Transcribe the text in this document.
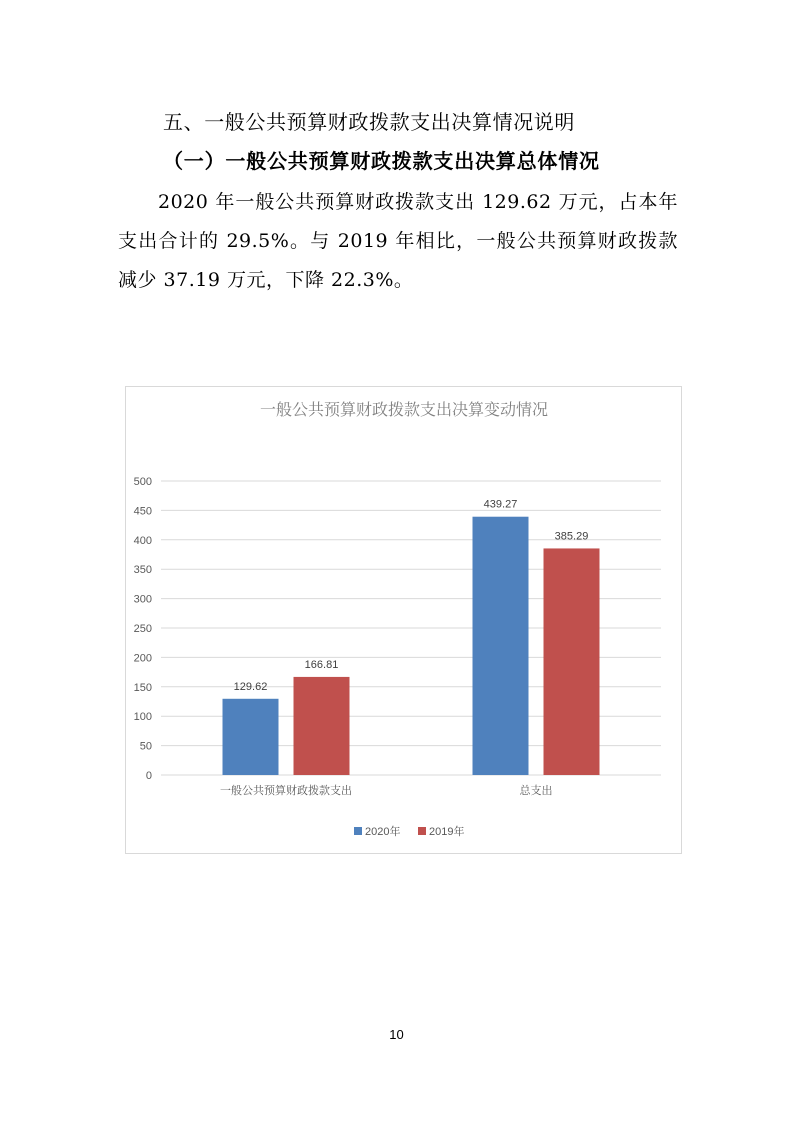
五、一般公共预算财政拨款支出决算情况说明
（一）一般公共预算财政拨款支出决算总体情况
2020 年一般公共预算财政拨款支出 129.62 万元，占本年支出合计的 29.5%。与 2019 年相比，一般公共预算财政拨款减少 37.19 万元，下降 22.3%。
一般公共预算财政拨款支出决算变动情况
0
50
100
150
200
250
300
350
400
450
500
129.62
166.81
一般公共预算财政拨款支出
439.27
385.29
总支出
2020年	2019年
10
